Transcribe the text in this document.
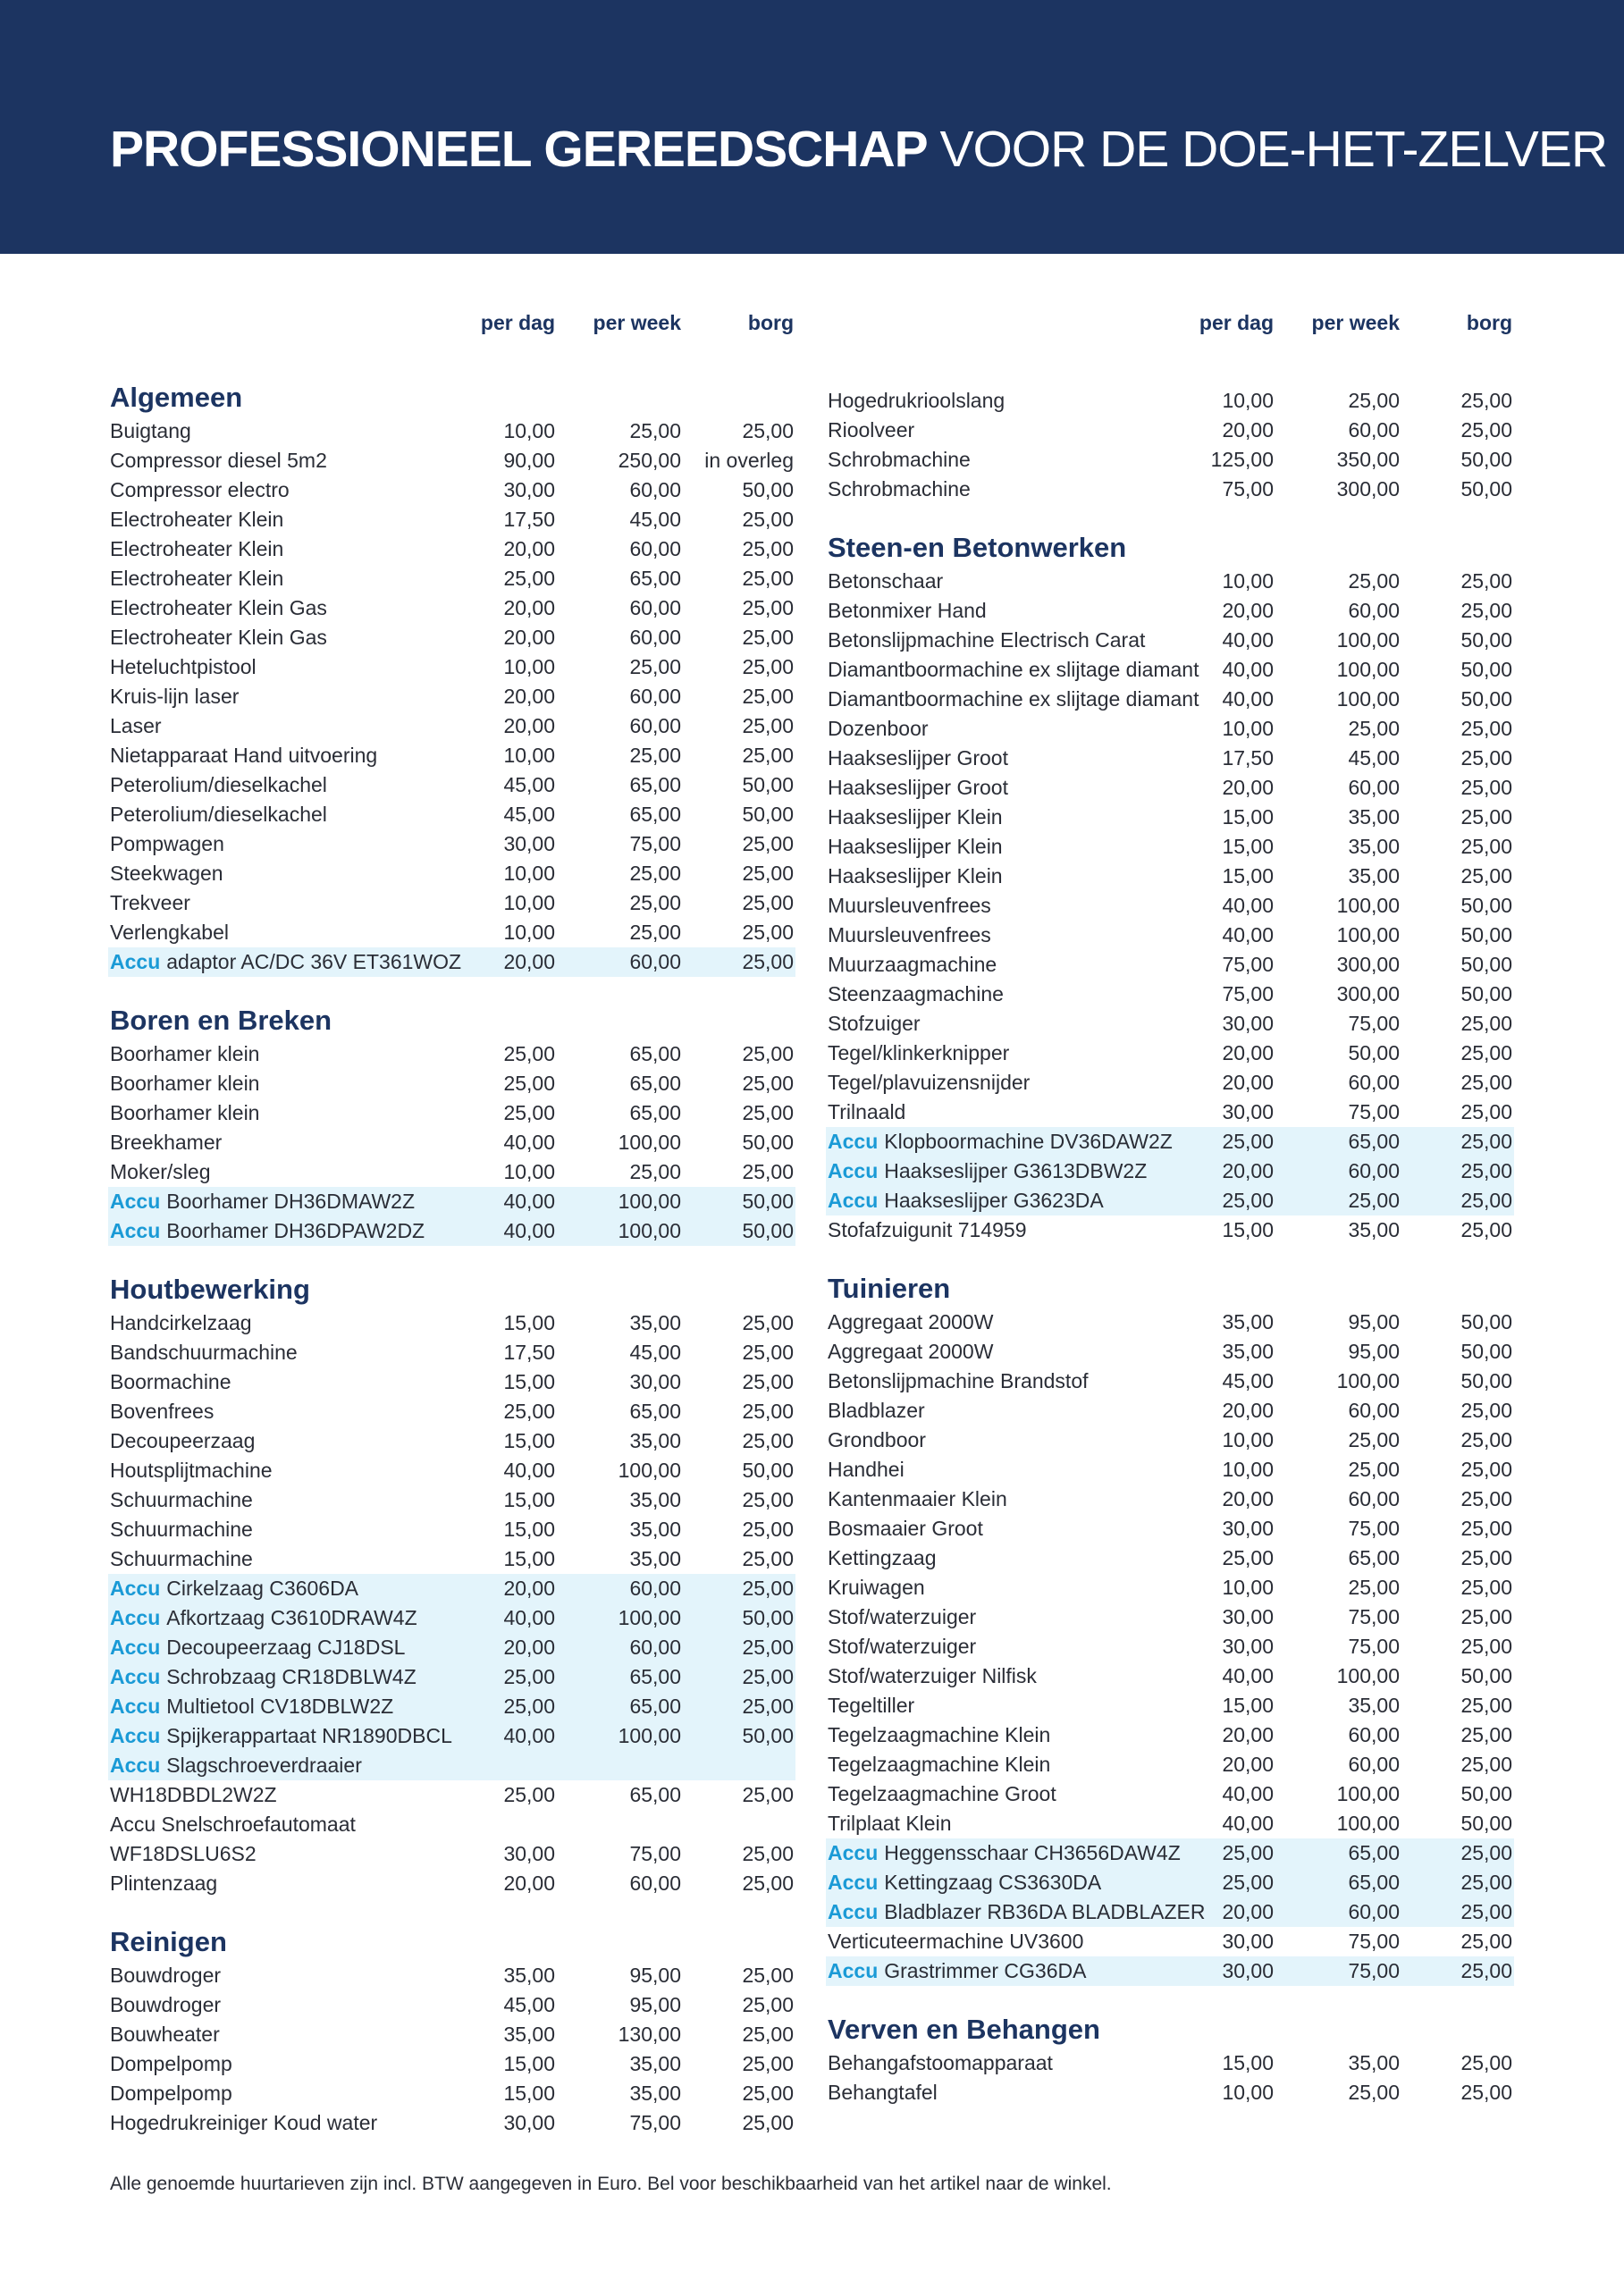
PROFESSIONEEL GEREEDSCHAP VOOR DE DOE-HET-ZELVER
per dag per week	borg
Algemeen
Buigtang	10,00	25,00	25,00
Compressor diesel 5m2	90,00	250,00 in overleg
Compressor electro	30,00	60,00	50,00
Electroheater Klein	17,50	45,00	25,00
Electroheater Klein	20,00	60,00	25,00
Electroheater Klein	25,00	65,00	25,00
Electroheater Klein Gas	20,00	60,00	25,00
Electroheater Klein Gas	20,00	60,00	25,00
Heteluchtpistool	10,00	25,00	25,00
Kruis-lijn laser	20,00	60,00	25,00
Laser	20,00	60,00	25,00
Nietapparaat Hand uitvoering	10,00	25,00	25,00
Peterolium/dieselkachel	45,00	65,00	50,00
Peterolium/dieselkachel	45,00	65,00	50,00
Pompwagen	30,00	75,00	25,00
Steekwagen	10,00	25,00	25,00
Trekveer	10,00	25,00	25,00
Verlengkabel	10,00	25,00	25,00
Accu adaptor AC/DC 36V ET361WOZ 20,00	60,00	25,00
Boren en Breken
Boorhamer klein	25,00	65,00	25,00
Boorhamer klein	25,00	65,00	25,00
Boorhamer klein	25,00	65,00	25,00
Breekhamer	40,00	100,00	50,00
Moker/sleg	10,00	25,00	25,00
Accu Boorhamer DH36DMAW2Z	40,00	100,00	50,00
Accu Boorhamer DH36DPAW2DZ	40,00	100,00	50,00
Houtbewerking
Handcirkelzaag	15,00	35,00	25,00
Bandschuurmachine	17,50	45,00	25,00
Boormachine	15,00	30,00	25,00
Bovenfrees	25,00	65,00	25,00
Decoupeerzaag	15,00	35,00	25,00
Houtsplijtmachine	40,00	100,00	50,00
Schuurmachine	15,00	35,00	25,00
Schuurmachine	15,00	35,00	25,00
Schuurmachine	15,00	35,00	25,00
Accu Cirkelzaag C3606DA	20,00	60,00	25,00
Accu Afkortzaag C3610DRAW4Z	40,00	100,00	50,00
Accu Decoupeerzaag CJ18DSL	20,00	60,00	25,00
Accu Schrobzaag CR18DBLW4Z	25,00	65,00	25,00
Accu Multietool CV18DBLW2Z	25,00	65,00	25,00
Accu Spijkerappartaat NR1890DBCL	40,00	100,00	50,00
Accu Slagschroeverdraaier
WH18DBDL2W2Z	25,00	65,00	25,00
Accu Snelschroefautomaat
WF18DSLU6S2	30,00	75,00	25,00
Plintenzaag	20,00	60,00	25,00
Reinigen
Bouwdroger	35,00	95,00	25,00
Bouwdroger	45,00	95,00	25,00
Bouwheater	35,00	130,00	25,00
Dompelpomp	15,00	35,00	25,00
Dompelpomp	15,00	35,00	25,00
Hogedrukreiniger Koud water	30,00	75,00	25,00
per dag per week	borg
Hogedrukrioolslang	10,00	25,00	25,00
Rioolveer	20,00	60,00	25,00
Schrobmachine	125,00	350,00	50,00
Schrobmachine	75,00	300,00	50,00
Steen-en Betonwerken
Betonschaar	10,00	25,00	25,00
Betonmixer Hand	20,00	60,00	25,00
Betonslijpmachine Electrisch Carat	40,00	100,00	50,00
Diamantboormachine ex slijtage diamant 40,00	100,00	50,00
Diamantboormachine ex slijtage diamant 40,00	100,00	50,00
Dozenboor	10,00	25,00	25,00
Haakseslijper Groot	17,50	45,00	25,00
Haakseslijper Groot	20,00	60,00	25,00
Haakseslijper Klein	15,00	35,00	25,00
Haakseslijper Klein	15,00	35,00	25,00
Haakseslijper Klein	15,00	35,00	25,00
Muursleuvenfrees	40,00	100,00	50,00
Muursleuvenfrees	40,00	100,00	50,00
Muurzaagmachine	75,00	300,00	50,00
Steenzaagmachine	75,00	300,00	50,00
Stofzuiger	30,00	75,00	25,00
Tegel/klinkerknipper	20,00	50,00	25,00
Tegel/plavuizensnijder	20,00	60,00	25,00
Trilnaald	30,00	75,00	25,00
Accu Klopboormachine DV36DAW2Z 25,00	65,00	25,00
Accu Haakseslijper G3613DBW2Z	20,00	60,00	25,00
Accu Haakseslijper G3623DA	25,00	25,00	25,00
Stofafzuigunit 714959	15,00	35,00	25,00
Tuinieren
Aggregaat 2000W	35,00	95,00	50,00
Aggregaat 2000W	35,00	95,00	50,00
Betonslijpmachine Brandstof	45,00	100,00	50,00
Bladblazer	20,00	60,00	25,00
Grondboor	10,00	25,00	25,00
Handhei	10,00	25,00	25,00
Kantenmaaier Klein	20,00	60,00	25,00
Bosmaaier Groot	30,00	75,00	25,00
Kettingzaag	25,00	65,00	25,00
Kruiwagen	10,00	25,00	25,00
Stof/waterzuiger	30,00	75,00	25,00
Stof/waterzuiger	30,00	75,00	25,00
Stof/waterzuiger Nilfisk	40,00	100,00	50,00
Tegeltiller	15,00	35,00	25,00
Tegelzaagmachine Klein	20,00	60,00	25,00
Tegelzaagmachine Klein	20,00	60,00	25,00
Tegelzaagmachine Groot	40,00	100,00	50,00
Trilplaat Klein	40,00	100,00	50,00
Accu Heggensschaar CH3656DAW4Z 25,00	65,00	25,00
Accu Kettingzaag CS3630DA	25,00	65,00	25,00
Accu Bladblazer RB36DA BLADBLAZER 20,00	60,00	25,00
Verticuteermachine UV3600	30,00	75,00	25,00
Accu Grastrimmer CG36DA	30,00	75,00	25,00
Verven en Behangen
Behangafstoomapparaat	15,00	35,00	25,00
Behangtafel	10,00	25,00	25,00
Alle genoemde huurtarieven zijn incl. BTW aangegeven in Euro. Bel voor beschikbaarheid van het artikel naar de winkel.
